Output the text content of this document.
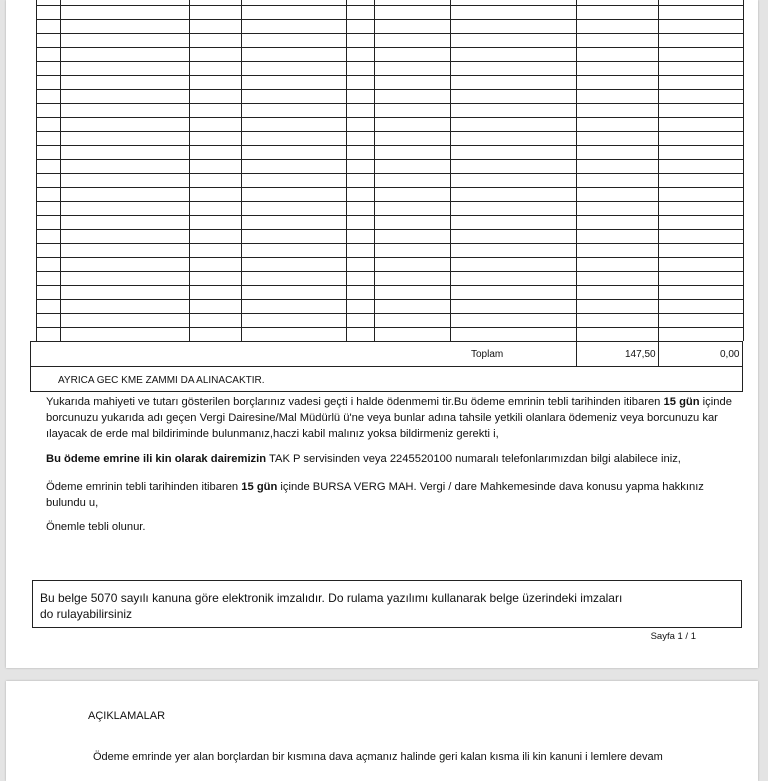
Toplam	147,50	0,00
AYRICA GEC KME ZAMMI DA ALINACAKTIR.

Yukarıda mahiyeti ve tutarı gösterilen borçlarınız vadesi geçti i halde ödenmemi tir.Bu ödeme emrinin tebli tarihinden itibaren 15 gün içinde borcunuzu yukarıda adı geçen Vergi Dairesine/Mal Müdürlü ü'ne veya bunlar adına tahsile yetkili olanlara ödemeniz veya borcunuzu kar ılayacak de erde mal bildiriminde bulunmanız,haczi kabil malınız yoksa bildirmeniz gerekti i,

Bu ödeme emrine ili kin olarak dairemizin TAK P servisinden veya 2245520100 numaralı telefonlarımızdan bilgi alabilece iniz,

Ödeme emrinin tebli tarihinden itibaren 15 gün içinde BURSA VERG MAH. Vergi / dare Mahkemesinde dava konusu yapma hakkınız bulundu u,

Önemle tebli olunur.

Bu belge 5070 sayılı kanuna göre elektronik imzalıdır. Do rulama yazılımı kullanarak belge üzerindeki imzaları
do rulayabilirsiniz
Sayfa 1 / 1
AÇIKLAMALAR
Ödeme emrinde yer alan borçlardan bir kısmına dava açmanız halinde geri kalan kısma ili kin kanuni i lemlere devam
